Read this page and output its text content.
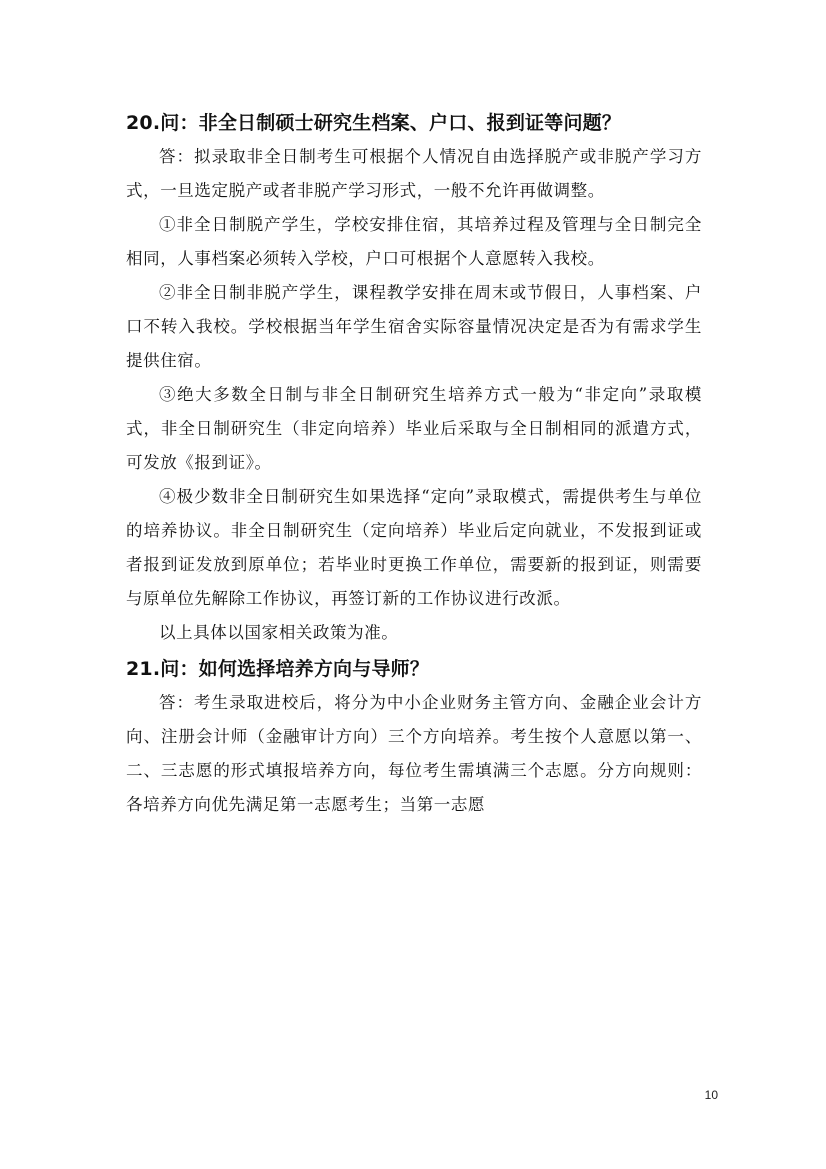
20.问：非全日制硕士研究生档案、户口、报到证等问题？

答：拟录取非全日制考生可根据个人情况自由选择脱产或非脱产学习方式，一旦选定脱产或者非脱产学习形式，一般不允许再做调整。

①非全日制脱产学生，学校安排住宿，其培养过程及管理与全日制完全相同，人事档案必须转入学校，户口可根据个人意愿转入我校。

②非全日制非脱产学生，课程教学安排在周末或节假日，人事档案、户口不转入我校。学校根据当年学生宿舍实际容量情况决定是否为有需求学生提供住宿。

③绝大多数全日制与非全日制研究生培养方式一般为“非定向”录取模式，非全日制研究生（非定向培养）毕业后采取与全日制相同的派遣方式，可发放《报到证》。

④极少数非全日制研究生如果选择“定向”录取模式，需提供考生与单位的培养协议。非全日制研究生（定向培养）毕业后定向就业，不发报到证或者报到证发放到原单位；若毕业时更换工作单位，需要新的报到证，则需要与原单位先解除工作协议，再签订新的工作协议进行改派。

以上具体以国家相关政策为准。

21.问：如何选择培养方向与导师？

答：考生录取进校后，将分为中小企业财务主管方向、金融企业会计方向、注册会计师（金融审计方向）三个方向培养。考生按个人意愿以第一、二、三志愿的形式填报培养方向，每位考生需填满三个志愿。分方向规则：各培养方向优先满足第一志愿考生；当第一志愿

10
